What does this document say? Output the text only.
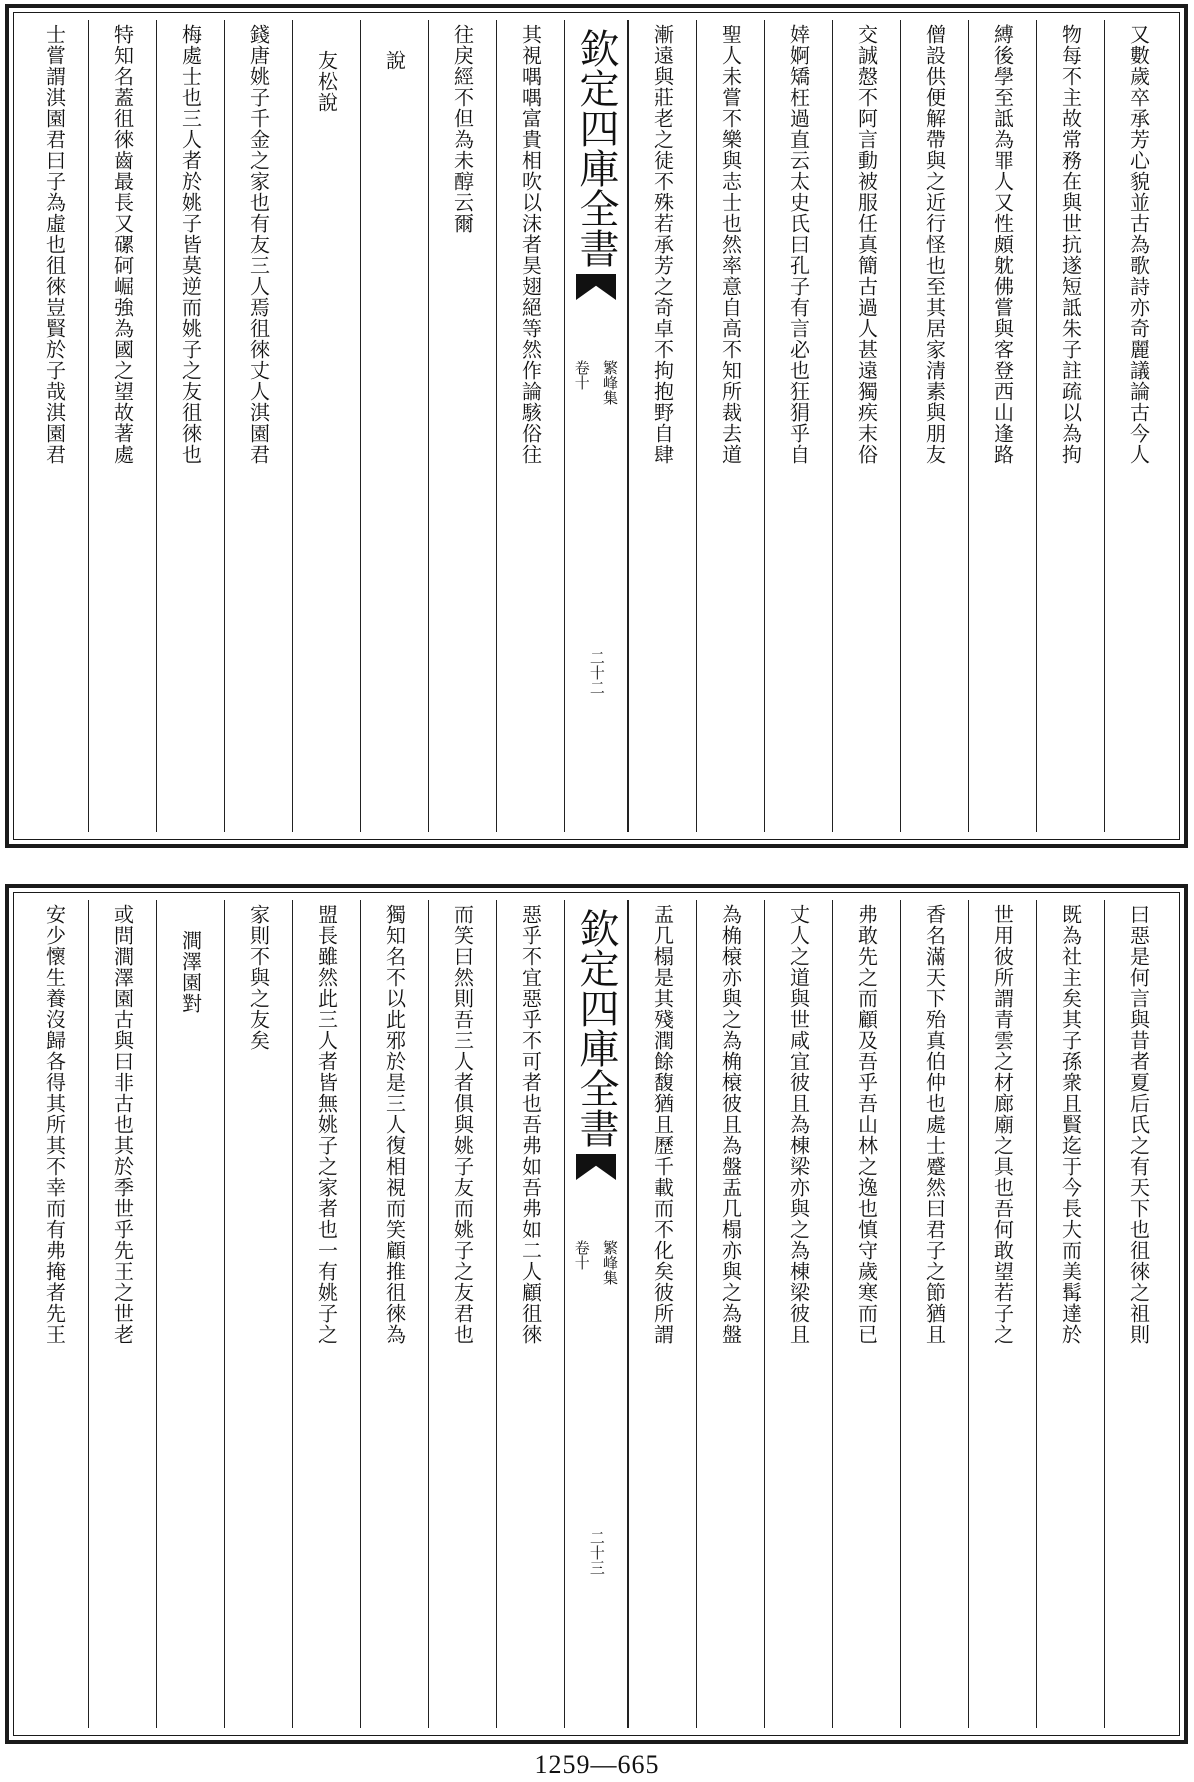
又數歲卒承芳心貌並古為歌詩亦奇麗議論古今人
物每不主故常務在與世抗遂短詆朱子註疏以為拘
縛後學至詆為罪人又性頗躭佛嘗與客登西山逢路
僧設供便解帶與之近行怪也至其居家清素與朋友
交誠慤不阿言動被服任真簡古過人甚遠獨疾末俗
婞婀矯枉過直云太史氏曰孔子有言必也狂狷乎自
聖人未嘗不樂與志士也然率意自高不知所裁去道
漸遠與莊老之徒不殊若承芳之奇卓不拘抱野自肆
欽定四庫全書
繁峰集
卷十
二十二
其視喁喁富貴相吹以沫者昊翅絕等然作論駭俗往
往戾經不但為未醇云爾
說
友松說
錢唐姚子千金之家也有友三人焉徂徠丈人淇園君
梅處士也三人者於姚子皆莫逆而姚子之友徂徠也
特知名蓋徂徠齒最長又磥砢崛強為國之望故著處
士嘗謂淇園君曰子為虛也徂徠豈賢於子哉淇園君
曰惡是何言與昔者夏后氏之有天下也徂徠之祖則
既為社主矣其子孫衆且賢迄于今長大而美髯達於
世用彼所謂青雲之材廊廟之具也吾何敢望若子之
香名滿天下殆真伯仲也處士蹙然曰君子之節猶且
弗敢先之而顧及吾乎吾山林之逸也慎守歲寒而已
丈人之道與世咸宜彼且為棟梁亦與之為棟梁彼且
為桷榱亦與之為桷榱彼且為盤盂几榻亦與之為盤
盂几榻是其殘潤餘馥猶且歷千載而不化矣彼所謂
欽定四庫全書
繁峰集
卷十
二十三
惡乎不宜惡乎不可者也吾弗如吾弗如二人顧徂徠
而笑曰然則吾三人者俱與姚子友而姚子之友君也
獨知名不以此邪於是三人復相視而笑顧推徂徠為
盟長雖然此三人者皆無姚子之家者也一有姚子之
家則不與之友矣
澗澤園對
或問澗澤園古與曰非古也其於季世乎先王之世老
安少懷生養沒歸各得其所其不幸而有弗掩者先王
1259—665
